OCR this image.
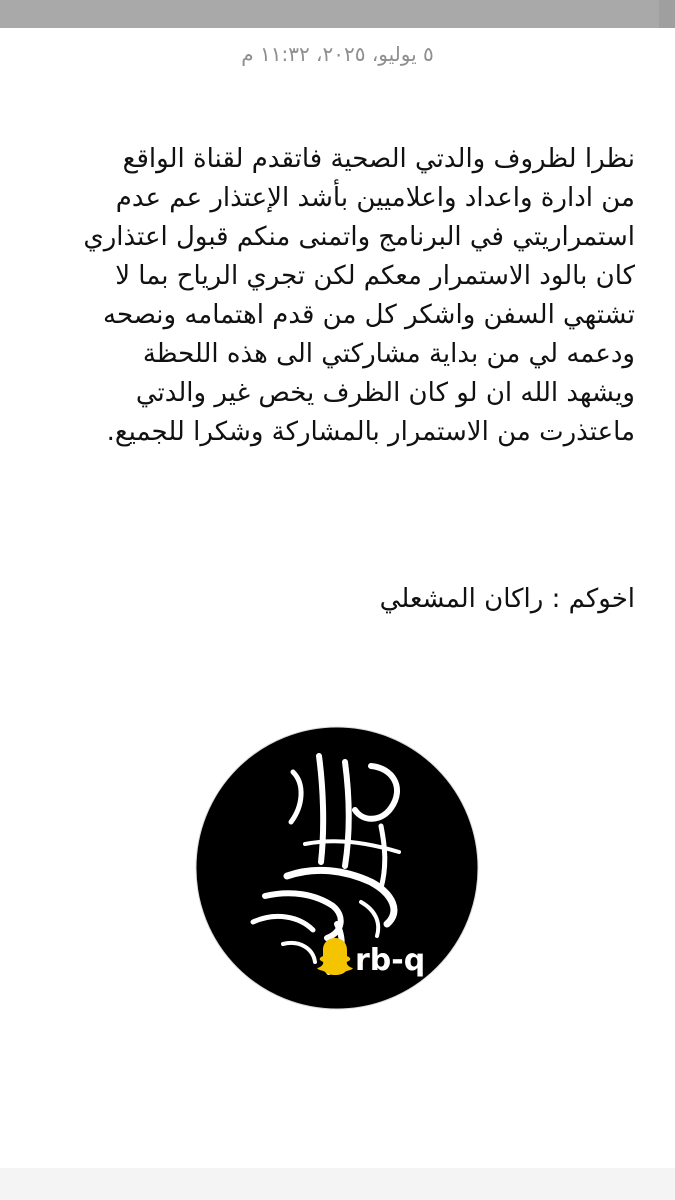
٥ يوليو، ٢٠٢٥، ١١:٣٢ م
نظرا لظروف والدتي الصحية فاتقدم لقناة الواقع
من ادارة واعداد واعلاميين بأشد الإعتذار عم عدم
استمراريتي في البرنامج واتمنى منكم قبول اعتذاري
كان بالود الاستمرار معكم لكن تجري الرياح بما لا
تشتهي السفن واشكر كل من قدم اهتمامه ونصحه
ودعمه لي من بداية مشاركتي الى هذه اللحظة
ويشهد الله ان لو كان الظرف يخص غير والدتي
ماعتذرت من الاستمرار بالمشاركة وشكرا للجميع.
اخوكم : راكان المشعلي
rb-q
